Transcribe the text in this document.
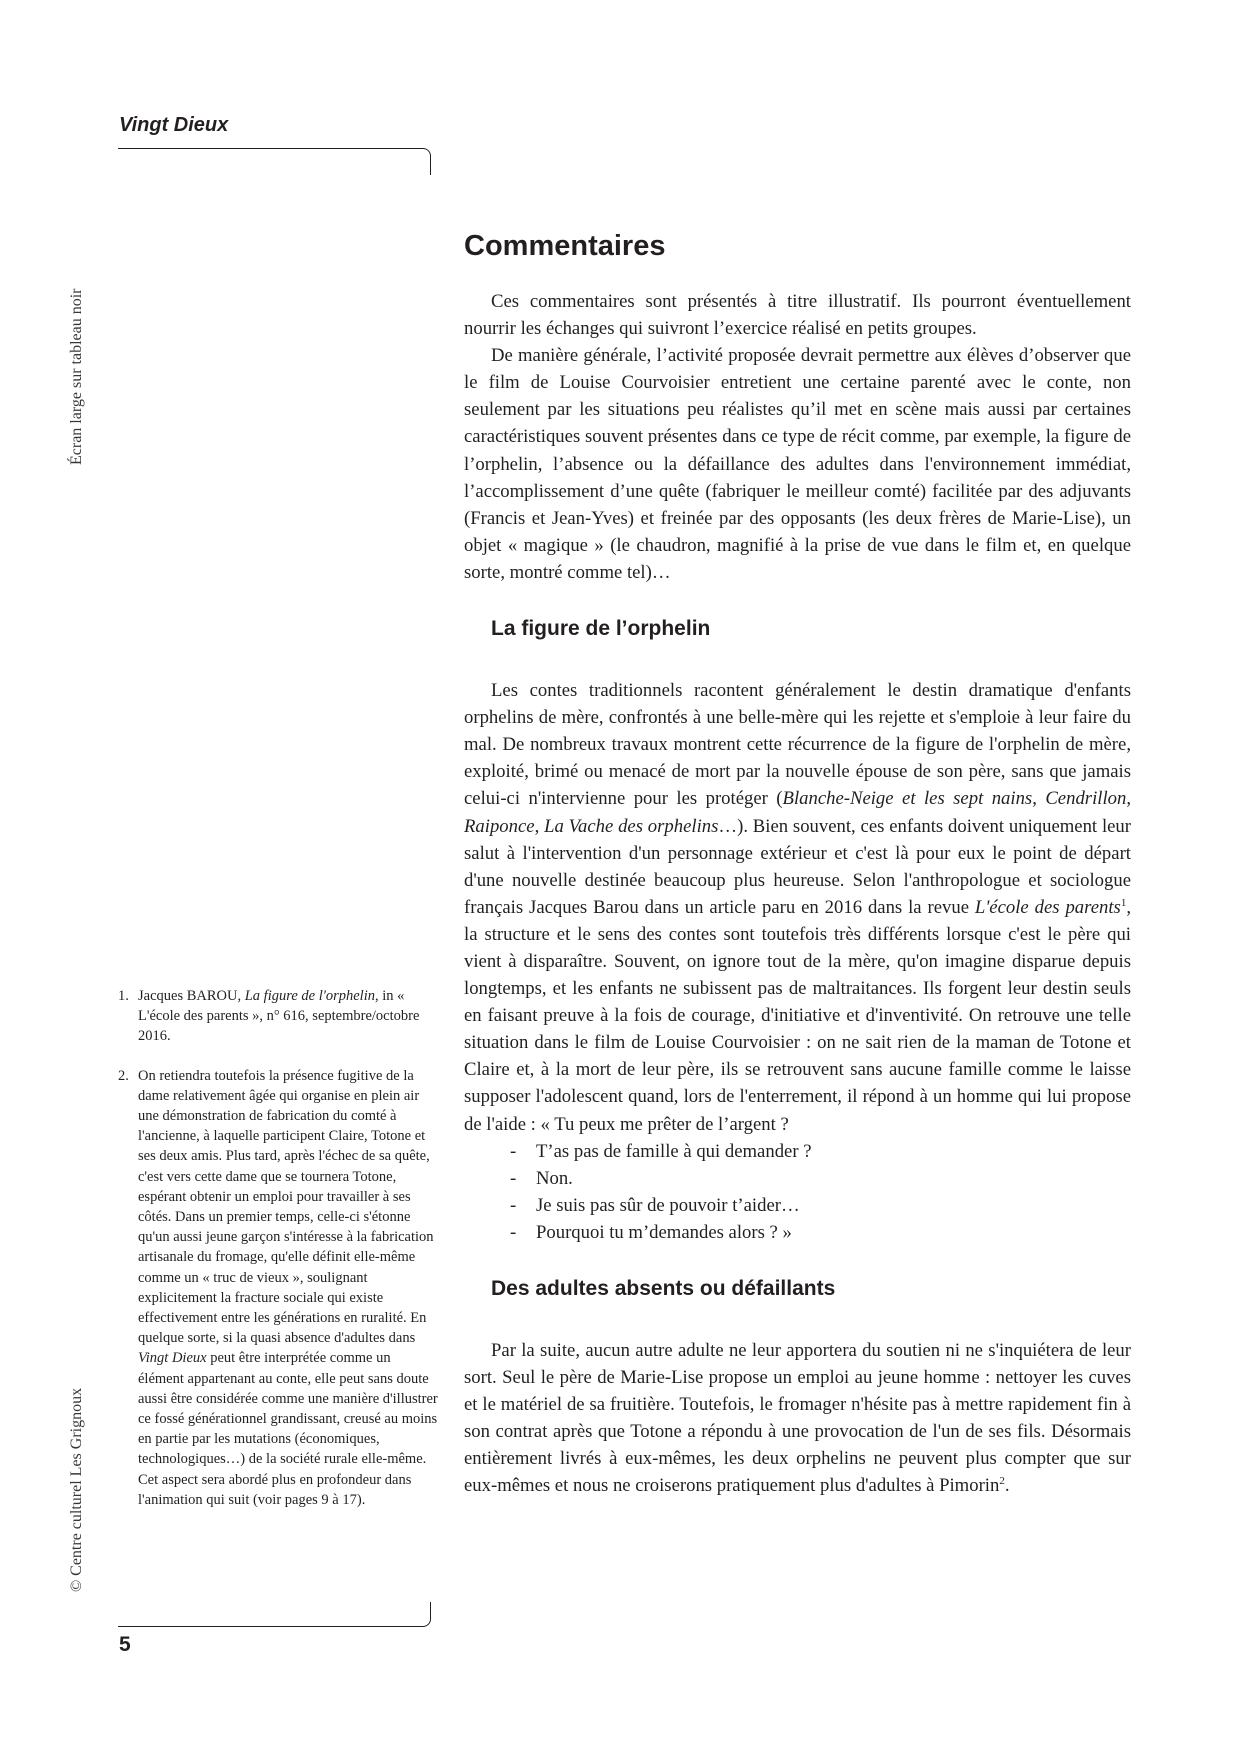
Vingt Dieux
Écran large sur tableau noir
© Centre culturel Les Grignoux
Commentaires

Ces commentaires sont présentés à titre illustratif. Ils pourront éventuellement nourrir les échanges qui suivront l’exercice réalisé en petits groupes.

De manière générale, l’activité proposée devrait permettre aux élèves d’observer que le film de Louise Courvoisier entretient une certaine parenté avec le conte, non seulement par les situations peu réalistes qu’il met en scène mais aussi par certaines caractéristiques souvent présentes dans ce type de récit comme, par exemple, la figure de l’orphelin, l’absence ou la défaillance des adultes dans l'environnement immédiat, l’accomplissement d’une quête (fabriquer le meilleur comté) facilitée par des adjuvants (Francis et Jean-Yves) et freinée par des opposants (les deux frères de Marie-Lise), un objet « magique » (le chaudron, magnifié à la prise de vue dans le film et, en quelque sorte, montré comme tel)…

La figure de l’orphelin

Les contes traditionnels racontent généralement le destin dramatique d'enfants orphelins de mère, confrontés à une belle-mère qui les rejette et s'emploie à leur faire du mal. De nombreux travaux montrent cette récurrence de la figure de l'orphelin de mère, exploité, brimé ou menacé de mort par la nouvelle épouse de son père, sans que jamais celui-ci n'intervienne pour les protéger (Blanche-Neige et les sept nains, Cendrillon, Raiponce, La Vache des orphelins…). Bien souvent, ces enfants doivent uniquement leur salut à l'intervention d'un personnage extérieur et c'est là pour eux le point de départ d'une nouvelle destinée beaucoup plus heureuse. Selon l'anthropologue et sociologue français Jacques Barou dans un article paru en 2016 dans la revue L'école des parents$^1$, la structure et le sens des contes sont toutefois très différents lorsque c'est le père qui vient à disparaître. Souvent, on ignore tout de la mère, qu'on imagine disparue depuis longtemps, et les enfants ne subissent pas de maltraitances. Ils forgent leur destin seuls en faisant preuve à la fois de courage, d'initiative et d'inventivité. On retrouve une telle situation dans le film de Louise Courvoisier : on ne sait rien de la maman de Totone et Claire et, à la mort de leur père, ils se retrouvent sans aucune famille comme le laisse supposer l'adolescent quand, lors de l'enterrement, il répond à un homme qui lui propose de l'aide : « Tu peux me prêter de l’argent ?

-	T’as pas de famille à qui demander ?
-	Non.
-	Je suis pas sûr de pouvoir t’aider…
-	Pourquoi tu m’demandes alors ? »
Des adultes absents ou défaillants

Par la suite, aucun autre adulte ne leur apportera du soutien ni ne s'inquiétera de leur sort. Seul le père de Marie-Lise propose un emploi au jeune homme : nettoyer les cuves et le matériel de sa fruitière. Toutefois, le fromager n'hésite pas à mettre rapidement fin à son contrat après que Totone a répondu à une provocation de l'un de ses fils. Désormais entièrement livrés à eux-mêmes, les deux orphelins ne peuvent plus compter que sur eux-mêmes et nous ne croiserons pratiquement plus d'adultes à Pimorin$^2$.

1. Jacques BAROU, La figure de l'orphelin, in « L'école des parents », n° 616, septembre/octobre 2016.
2. On retiendra toutefois la présence fugitive de la dame relativement âgée qui organise en plein air une démonstration de fabrication du comté à l'ancienne, à laquelle participent Claire, Totone et ses deux amis. Plus tard, après l'échec de sa quête, c'est vers cette dame que se tournera Totone, espérant obtenir un emploi pour travailler à ses côtés. Dans un premier temps, celle-ci s'étonne qu'un aussi jeune garçon s'intéresse à la fabrication artisanale du fromage, qu'elle définit elle-même comme un « truc de vieux », soulignant explicitement la fracture sociale qui existe effectivement entre les générations en ruralité. En quelque sorte, si la quasi absence d'adultes dans Vingt Dieux peut être interprétée comme un élément appartenant au conte, elle peut sans doute aussi être considérée comme une manière d'illustrer ce fossé générationnel grandissant, creusé au moins en partie par les mutations (économiques, technologiques…) de la société rurale elle-même. Cet aspect sera abordé plus en profondeur dans l'animation qui suit (voir pages 9 à 17).
5
